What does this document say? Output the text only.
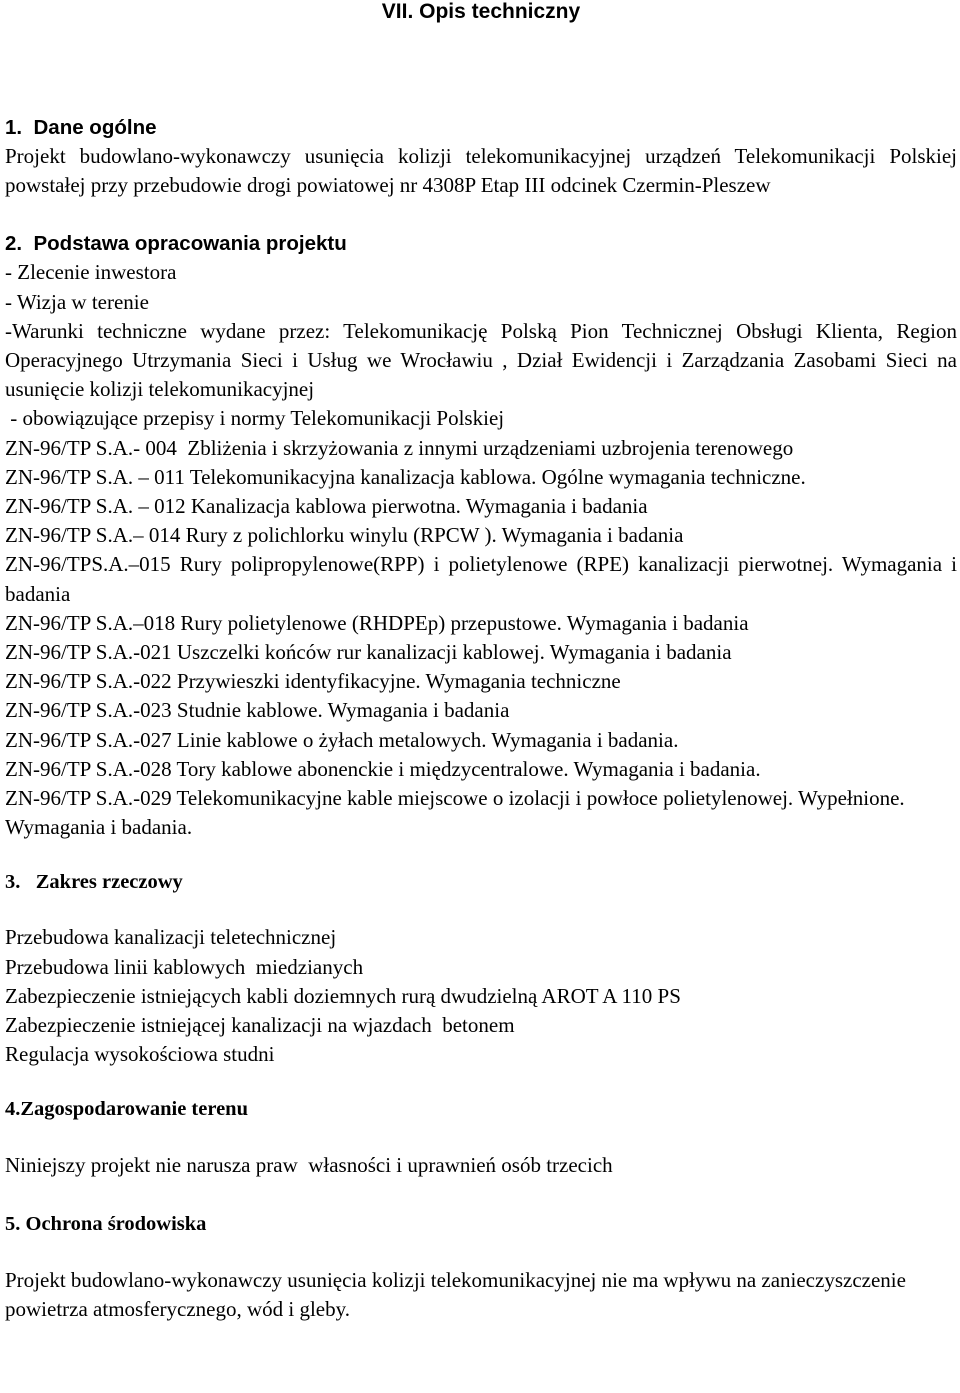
VII. Opis techniczny
1.  Dane ogólne

Projekt budowlano-wykonawczy usunięcia kolizji telekomunikacyjnej urządzeń Telekomunikacji Polskiej powstałej przy przebudowie drogi powiatowej nr 4308P Etap III odcinek Czermin-Pleszew

2.  Podstawa opracowania projektu
- Zlecenie inwestora
- Wizja w terenie

-Warunki techniczne wydane przez: Telekomunikację Polską Pion Technicznej Obsługi Klienta, Region Operacyjnego Utrzymania Sieci i Usług we Wrocławiu , Dział Ewidencji i Zarządzania Zasobami Sieci na usunięcie kolizji telekomunikacyjnej

- obowiązujące przepisy i normy Telekomunikacji Polskiej
ZN-96/TP S.A.- 004  Zbliżenia i skrzyżowania z innymi urządzeniami uzbrojenia terenowego
ZN-96/TP S.A. – 011 Telekomunikacyjna kanalizacja kablowa. Ogólne wymagania techniczne.
ZN-96/TP S.A. – 012 Kanalizacja kablowa pierwotna. Wymagania i badania
ZN-96/TP S.A.– 014 Rury z polichlorku winylu (RPCW ). Wymagania i badania
ZN-96/TPS.A.–015 Rury polipropylenowe(RPP) i polietylenowe (RPE) kanalizacji pierwotnej. Wymagania i badania
ZN-96/TP S.A.–018 Rury polietylenowe (RHDPEp) przepustowe. Wymagania i badania
ZN-96/TP S.A.-021 Uszczelki końców rur kanalizacji kablowej. Wymagania i badania
ZN-96/TP S.A.-022 Przywieszki identyfikacyjne. Wymagania techniczne
ZN-96/TP S.A.-023 Studnie kablowe. Wymagania i badania
ZN-96/TP S.A.-027 Linie kablowe o żyłach metalowych. Wymagania i badania.
ZN-96/TP S.A.-028 Tory kablowe abonenckie i międzycentralowe. Wymagania i badania.
ZN-96/TP S.A.-029 Telekomunikacyjne kable miejscowe o izolacji i powłoce polietylenowej. Wypełnione. Wymagania i badania.
3.   Zakres rzeczowy
Przebudowa kanalizacji teletechnicznej
Przebudowa linii kablowych  miedzianych
Zabezpieczenie istniejących kabli doziemnych rurą dwudzielną AROT A 110 PS
Zabezpieczenie istniejącej kanalizacji na wjazdach  betonem
Regulacja wysokościowa studni
4.Zagospodarowanie terenu

Niniejszy projekt nie narusza praw  własności i uprawnień osób trzecich

5. Ochrona środowiska

Projekt budowlano-wykonawczy usunięcia kolizji telekomunikacyjnej nie ma wpływu na zanieczyszczenie powietrza atmosferycznego, wód i gleby.
